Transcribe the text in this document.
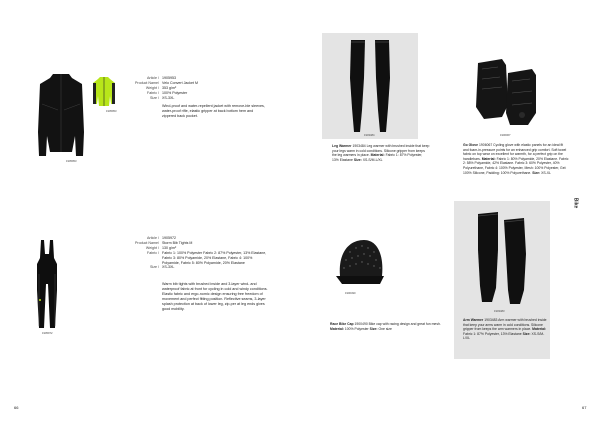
1905953
1905953
Article / 1905953
Product Name/ Velo Convert Jacket M
Weight / 353 g/m²
Fabric / 100% Polyester
Size / XS-3XL
Wind-proof and water-repellent jacket with remove-ble sleeves, water-proof rifle, elastic gripper at back bottom hem and zippered back pocket.
1905972
Article / 1905972
Product Name/ Storm Bib Tights M
Weight / 130 g/m²
Fabric / Fabric 1: 100% Polyester Fabric 2: 87% Polyester, 13% Elastane, Fabric 3: 80% Polyamide, 20% Elastane, Fabric 4: 100% Polyamide, Fabric 5: 80% Polyamide, 20% Elastane
Size / XS-3XL
Warm bib tights with brushed inside and 3-layer wind- and waterproof fabric at front for cycling in cold and windy conditions. Elastic fabric and ergo-nomic design ensuring free freedom of movement and perfect fitting position. Reflective seams, 3-layer splash protection at back of lower leg, zip-per at leg ends gives good mobility.
66
1903484
Leg Warmer 1903484 Leg warmer with brushed inside that keep your legs warm in cold conditions. Silicone gripper from keeps the leg warmers in place. Material: Fabric 1: 87% Polyester, 13% Elastane Size: XS-S/M-L/XL
1906067
Go Glove 1906067 Cycling glove with elastic panels for an ideal fit and foam-in-pressure points for an enhanced grip comfort. Soft towel fabric on top wear on excellent for warmth, for a perfect grip on the handlebars. Material: Fabric 1: 80% Polyamide, 20% Elastane. Fabric 2: 58% Polyamide, 42% Elastane. Fabric 3: 60% Polyester, 40% Polyurethane, Fabric 4: 100% Polyester, Mesh: 100% Polyester, Gel: 100% Silicone, Padding: 100% Polyurethane. Size: XS-XL
Bike
1900490
Race Bike Cap 1900490 Bike cap with racing design and great fun mesh. Material: 100% Polyester Size: One size
1903483
Arm Warmer 1903483 Arm warmer with brushed inside that keep your arms warm in cold conditions. Silicone gripper from keeps the arm warmers in place. Material: Fabric 1: 87% Polyester, 13% Elastane Size: XS-S/M-L/XL
67
